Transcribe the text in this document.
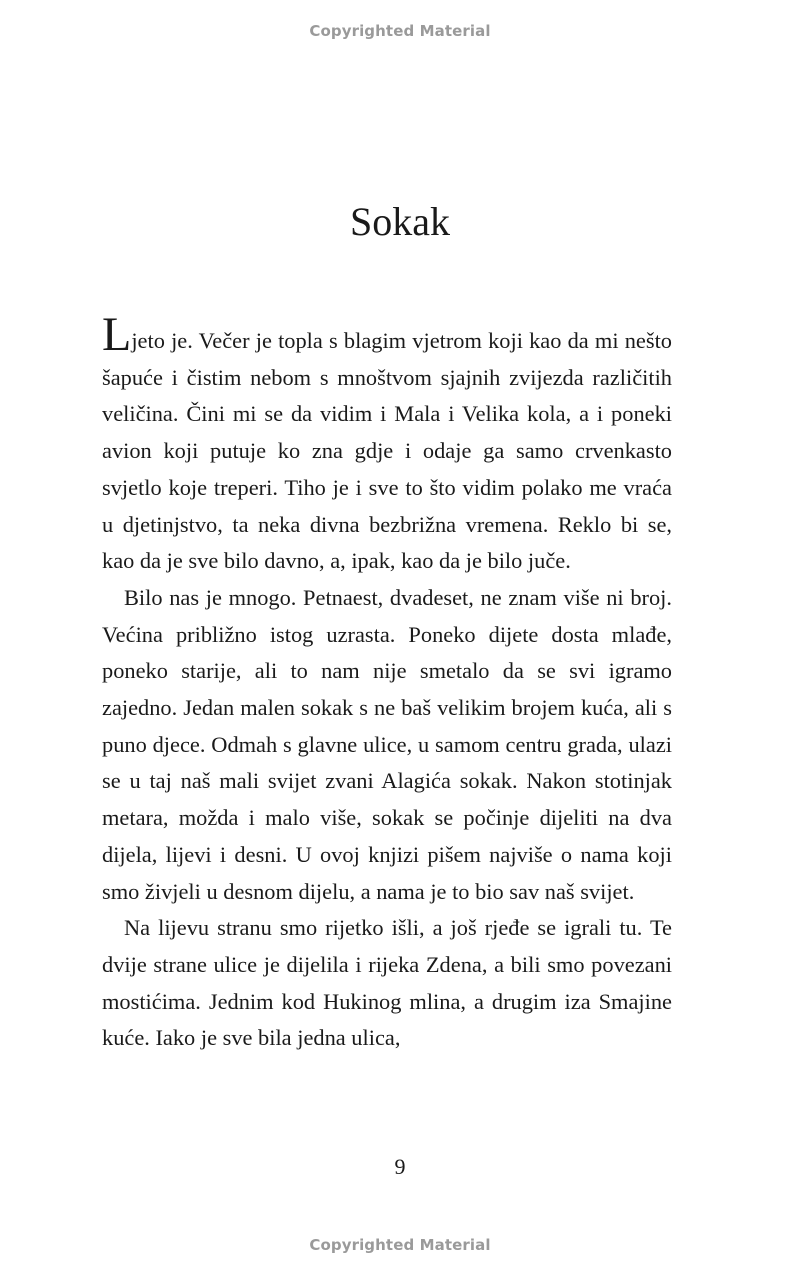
Copyrighted Material
Sokak

Ljeto je. Večer je topla s blagim vjetrom koji kao da mi nešto šapuće i čistim nebom s mnoštvom sjajnih zvijezda različitih veličina. Čini mi se da vidim i Mala i Velika kola, a i poneki avion koji putuje ko zna gdje i odaje ga samo crvenkasto svjetlo koje treperi. Tiho je i sve to što vidim polako me vraća u djetinjstvo, ta neka divna bezbrižna vremena. Reklo bi se, kao da je sve bilo davno, a, ipak, kao da je bilo juče.

Bilo nas je mnogo. Petnaest, dvadeset, ne znam više ni broj. Većina približno istog uzrasta. Poneko dijete dosta mlađe, poneko starije, ali to nam nije smetalo da se svi igramo zajedno. Jedan malen sokak s ne baš velikim brojem kuća, ali s puno djece. Odmah s glavne ulice, u samom centru grada, ulazi se u taj naš mali svijet zvani Alagića sokak. Nakon stotinjak metara, možda i malo više, sokak se počinje dijeliti na dva dijela, lijevi i desni. U ovoj knjizi pišem najviše o nama koji smo živjeli u desnom dijelu, a nama je to bio sav naš svijet.

Na lijevu stranu smo rijetko išli, a još rjeđe se igrali tu. Te dvije strane ulice je dijelila i rijeka Zdena, a bili smo povezani mostićima. Jednim kod Hukinog mlina, a drugim iza Smajine kuće. Iako je sve bila jedna ulica,

9
Copyrighted Material
